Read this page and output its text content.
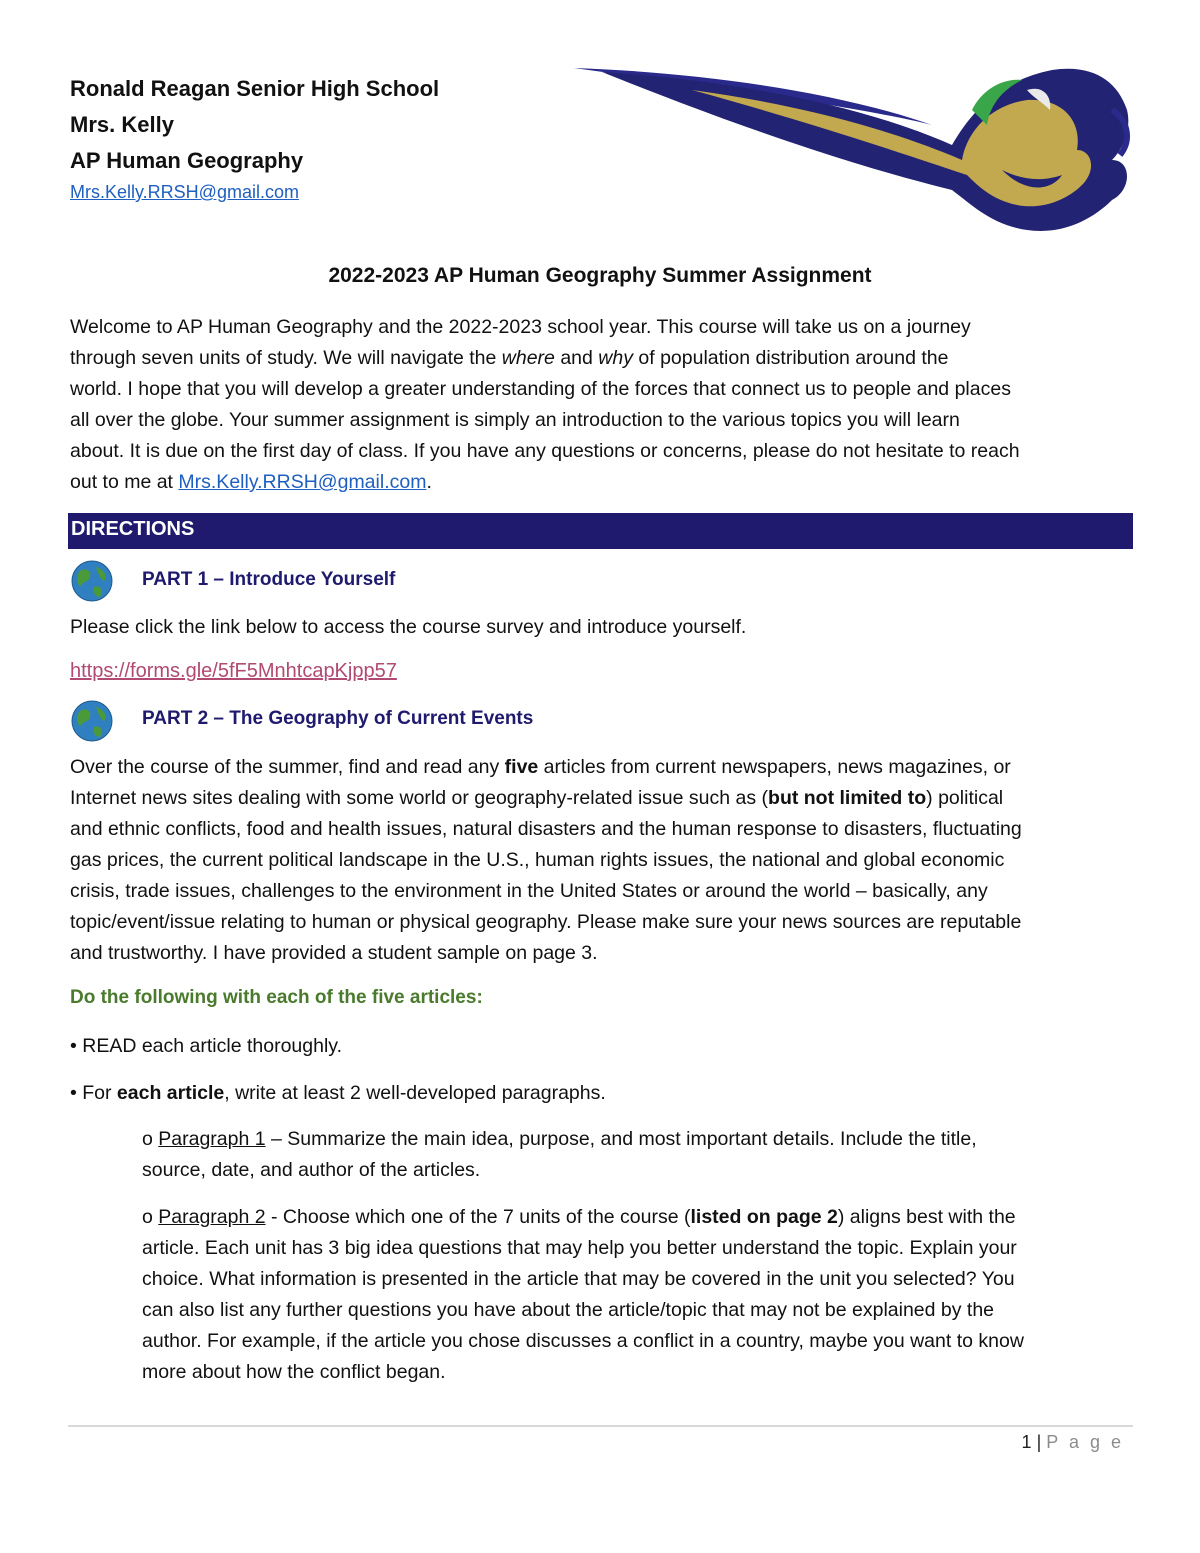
Ronald Reagan Senior High School
Mrs. Kelly
AP Human Geography
Mrs.Kelly.RRSH@gmail.com
2022-2023 AP Human Geography Summer Assignment
Welcome to AP Human Geography and the 2022-2023 school year. This course will take us on a journey
through seven units of study. We will navigate the where and why of population distribution around the
world. I hope that you will develop a greater understanding of the forces that connect us to people and places
all over the globe. Your summer assignment is simply an introduction to the various topics you will learn
about. It is due on the first day of class. If you have any questions or concerns, please do not hesitate to reach
out to me at Mrs.Kelly.RRSH@gmail.com.
DIRECTIONS
PART 1 – Introduce Yourself
Please click the link below to access the course survey and introduce yourself.
https://forms.gle/5fF5MnhtcapKjpp57
PART 2 – The Geography of Current Events
Over the course of the summer, find and read any five articles from current newspapers, news magazines, or
Internet news sites dealing with some world or geography-related issue such as (but not limited to) political
and ethnic conflicts, food and health issues, natural disasters and the human response to disasters, fluctuating
gas prices, the current political landscape in the U.S., human rights issues, the national and global economic
crisis, trade issues, challenges to the environment in the United States or around the world – basically, any
topic/event/issue relating to human or physical geography. Please make sure your news sources are reputable
and trustworthy. I have provided a student sample on page 3.
Do the following with each of the five articles:
• READ each article thoroughly.
• For each article, write at least 2 well-developed paragraphs.
o Paragraph 1 – Summarize the main idea, purpose, and most important details. Include the title,
source, date, and author of the articles.
o Paragraph 2 - Choose which one of the 7 units of the course (listed on page 2) aligns best with the
article. Each unit has 3 big idea questions that may help you better understand the topic. Explain your
choice. What information is presented in the article that may be covered in the unit you selected? You
can also list any further questions you have about the article/topic that may not be explained by the
author. For example, if the article you chose discusses a conflict in a country, maybe you want to know
more about how the conflict began.
1 | P a g e
